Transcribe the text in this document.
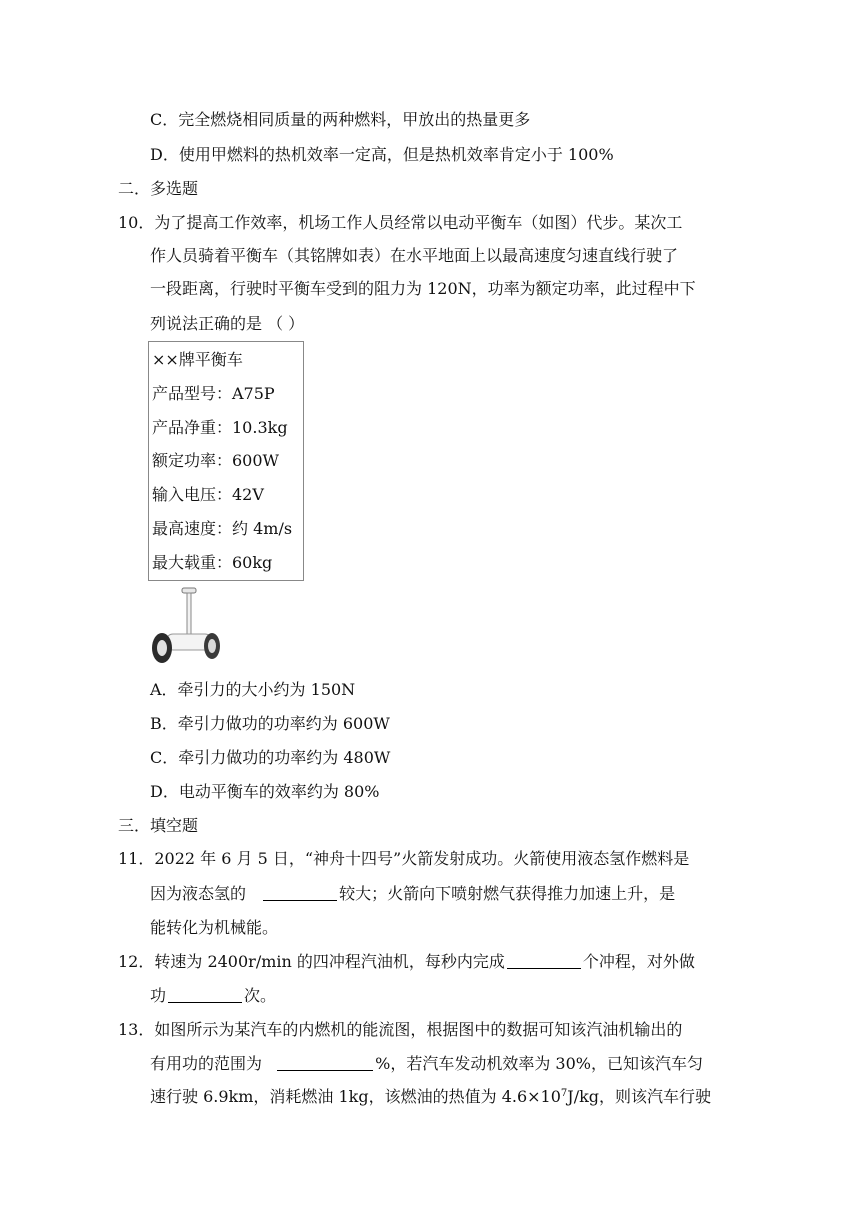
C．完全燃烧相同质量的两种燃料，甲放出的热量更多
D．使用甲燃料的热机效率一定高，但是热机效率肯定小于 100%
二．多选题
10．为了提高工作效率，机场工作人员经常以电动平衡车（如图）代步。某次工
作人员骑着平衡车（其铭牌如表）在水平地面上以最高速度匀速直线行驶了
一段距离，行驶时平衡车受到的阻力为 120N，功率为额定功率，此过程中下
列说法正确的是 （ ）
××牌平衡车
产品型号：A75P
产品净重：10.3kg
额定功率：600W
输入电压：42V
最高速度：约 4m/s
最大载重：60kg
A．牵引力的大小约为 150N
B．牵引力做功的功率约为 600W
C．牵引力做功的功率约为 480W
D．电动平衡车的效率约为 80%
三．填空题
11．2022 年 6 月 5 日，“神舟十四号”火箭发射成功。火箭使用液态氢作燃料是
因为液态氢的	较大；火箭向下喷射燃气获得推力加速上升，是
能转化为机械能。
12．转速为 2400r/min 的四冲程汽油机，每秒内完成	个冲程，对外做
功	次。
13．如图所示为某汽车的内燃机的能流图，根据图中的数据可知该汽油机输出的
有用功的范围为	%，若汽车发动机效率为 30%，已知该汽车匀
速行驶 6.9km，消耗燃油 1kg，该燃油的热值为 $4.6\times 10^7J/kg$，则该汽车行驶
